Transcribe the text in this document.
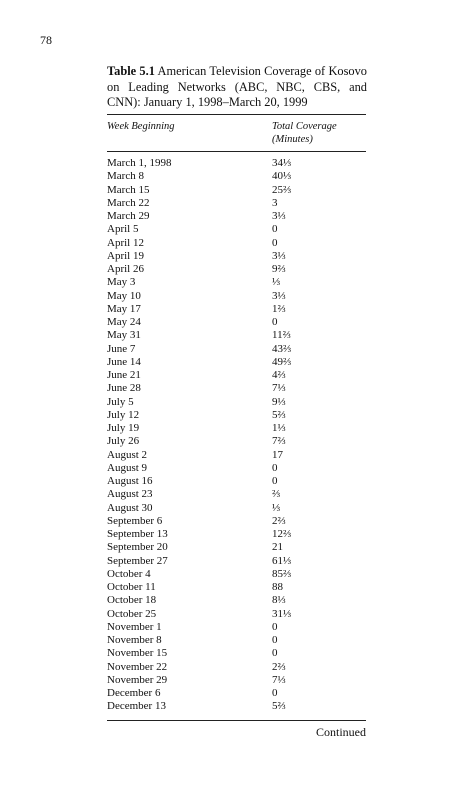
78
Table 5.1 American Television Coverage of Kosovo on Leading Networks (ABC, NBC, CBS, and CNN): January 1, 1998–March 20, 1999
Week Beginning	Total Coverage
(Minutes)
March 1, 1998	34⅓
March 8	40⅓
March 15	25⅔
March 22	3
March 29	3⅓
April 5	0
April 12	0
April 19	3⅓
April 26	9⅔
May 3	⅓
May 10	3⅓
May 17	1⅔
May 24	0
May 31	11⅔
June 7	43⅔
June 14	49⅔
June 21	4⅔
June 28	7⅓
July 5	9⅓
July 12	5⅔
July 19	1⅓
July 26	7⅔
August 2	17
August 9	0
August 16	0
August 23	⅔
August 30	⅓
September 6	2⅔
September 13	12⅔
September 20	21
September 27	61⅓
October 4	85⅔
October 11	88
October 18	8⅓
October 25	31⅓
November 1	0
November 8	0
November 15	0
November 22	2⅔
November 29	7⅓
December 6	0
December 13	5⅔
Continued
